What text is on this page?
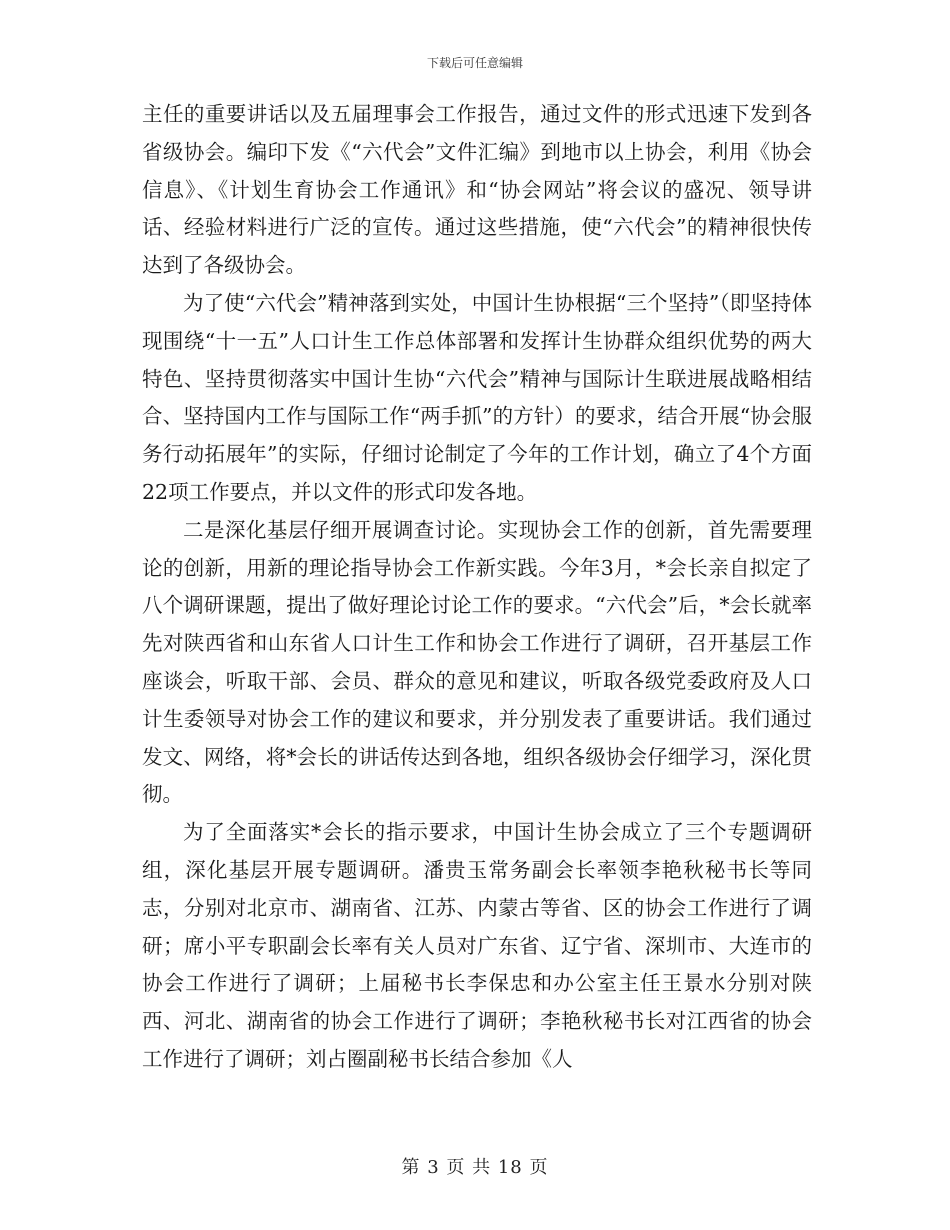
下载后可任意编辑

主任的重要讲话以及五届理事会工作报告，通过文件的形式迅速下发到各省级协会。编印下发《“六代会”文件汇编》到地市以上协会，利用《协会信息》、《计划生育协会工作通讯》和“协会网站”将会议的盛况、领导讲话、经验材料进行广泛的宣传。通过这些措施，使“六代会”的精神很快传达到了各级协会。

为了使“六代会”精神落到实处，中国计生协根据“三个坚持”（即坚持体现围绕“十一五”人口计生工作总体部署和发挥计生协群众组织优势的两大特色、坚持贯彻落实中国计生协“六代会”精神与国际计生联进展战略相结合、坚持国内工作与国际工作“两手抓”的方针）的要求，结合开展“协会服务行动拓展年”的实际，仔细讨论制定了今年的工作计划，确立了4个方面22项工作要点，并以文件的形式印发各地。

二是深化基层仔细开展调查讨论。实现协会工作的创新，首先需要理论的创新，用新的理论指导协会工作新实践。今年3月，*会长亲自拟定了八个调研课题，提出了做好理论讨论工作的要求。“六代会”后，*会长就率先对陕西省和山东省人口计生工作和协会工作进行了调研，召开基层工作座谈会，听取干部、会员、群众的意见和建议，听取各级党委政府及人口计生委领导对协会工作的建议和要求，并分别发表了重要讲话。我们通过发文、网络，将*会长的讲话传达到各地，组织各级协会仔细学习，深化贯彻。

为了全面落实*会长的指示要求，中国计生协会成立了三个专题调研组，深化基层开展专题调研。潘贵玉常务副会长率领李艳秋秘书长等同志，分别对北京市、湖南省、江苏、内蒙古等省、区的协会工作进行了调研；席小平专职副会长率有关人员对广东省、辽宁省、深圳市、大连市的协会工作进行了调研；上届秘书长李保忠和办公室主任王景水分别对陕西、河北、湖南省的协会工作进行了调研；李艳秋秘书长对江西省的协会工作进行了调研；刘占圈副秘书长结合参加《人

第 3 页 共 18 页
